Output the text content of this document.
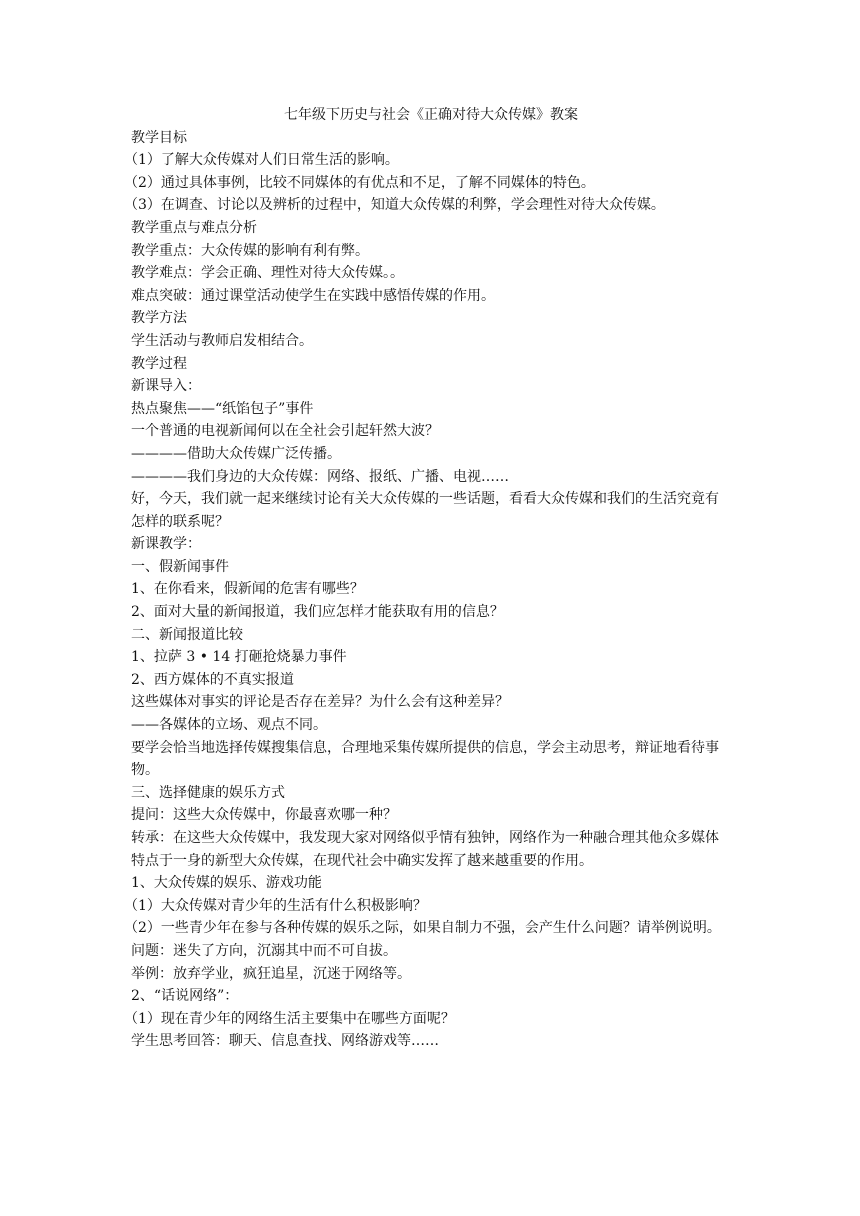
七年级下历史与社会《正确对待大众传媒》教案

教学目标

（1）了解大众传媒对人们日常生活的影响。

（2）通过具体事例，比较不同媒体的有优点和不足，了解不同媒体的特色。

（3）在调查、讨论以及辨析的过程中，知道大众传媒的利弊，学会理性对待大众传媒。

教学重点与难点分析

教学重点：大众传媒的影响有利有弊。

教学难点：学会正确、理性对待大众传媒。。

难点突破：通过课堂活动使学生在实践中感悟传媒的作用。

教学方法

学生活动与教师启发相结合。

教学过程

新课导入：

热点聚焦——“纸馅包子”事件

一个普通的电视新闻何以在全社会引起轩然大波？

————借助大众传媒广泛传播。

————我们身边的大众传媒：网络、报纸、广播、电视……

好，今天，我们就一起来继续讨论有关大众传媒的一些话题，看看大众传媒和我们的生活究竟有怎样的联系呢？

新课教学：

一、假新闻事件

1、在你看来，假新闻的危害有哪些？

2、面对大量的新闻报道，我们应怎样才能获取有用的信息？

二、新闻报道比较

1、拉萨 3 • 14 打砸抢烧暴力事件

2、西方媒体的不真实报道

这些媒体对事实的评论是否存在差异？为什么会有这种差异？

——各媒体的立场、观点不同。

要学会恰当地选择传媒搜集信息，合理地采集传媒所提供的信息，学会主动思考，辩证地看待事物。

三、选择健康的娱乐方式

提问：这些大众传媒中，你最喜欢哪一种？

转承：在这些大众传媒中，我发现大家对网络似乎情有独钟，网络作为一种融合理其他众多媒体特点于一身的新型大众传媒，在现代社会中确实发挥了越来越重要的作用。

1、大众传媒的娱乐、游戏功能

（1）大众传媒对青少年的生活有什么积极影响？

（2）一些青少年在参与各种传媒的娱乐之际，如果自制力不强，会产生什么问题？请举例说明。

问题：迷失了方向，沉溺其中而不可自拔。

举例：放弃学业，疯狂追星，沉迷于网络等。

2、“话说网络”：

（1）现在青少年的网络生活主要集中在哪些方面呢？

学生思考回答：聊天、信息查找、网络游戏等……
